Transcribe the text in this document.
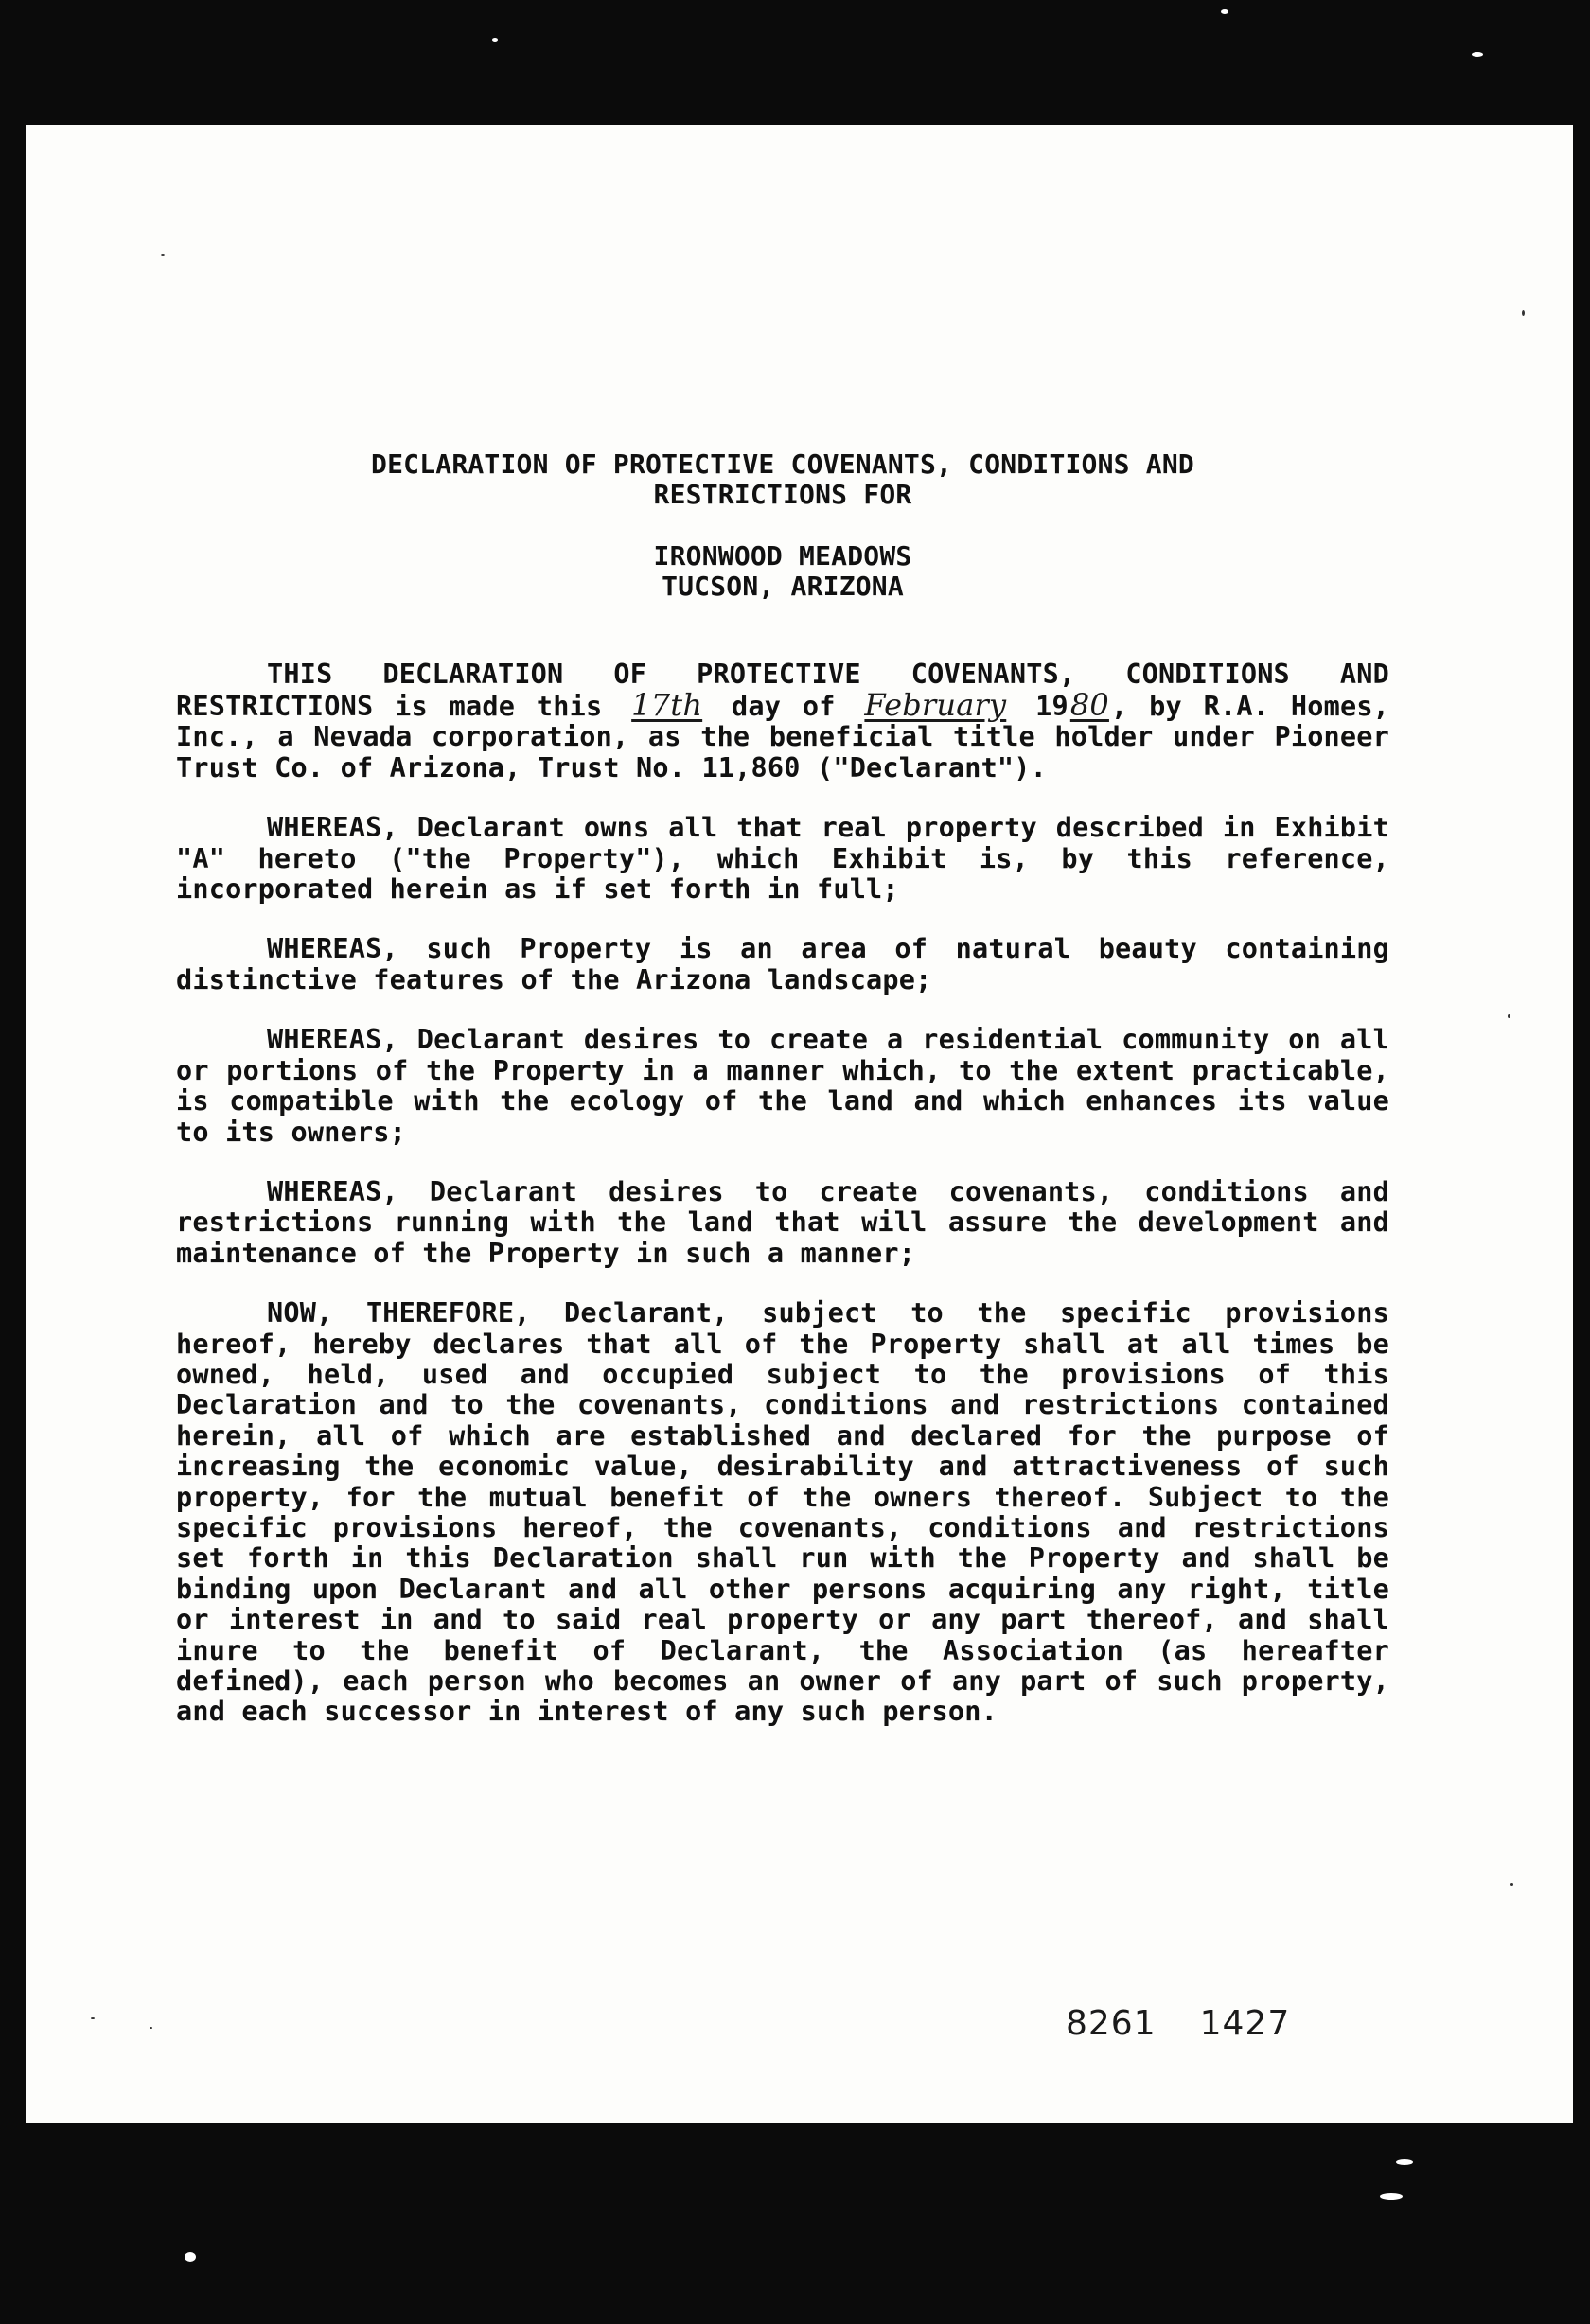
DECLARATION OF PROTECTIVE COVENANTS, CONDITIONS AND

RESTRICTIONS FOR

IRONWOOD MEADOWS

TUCSON, ARIZONA

THIS DECLARATION OF PROTECTIVE COVENANTS, CONDITIONS AND RESTRICTIONS is made this 17th day of February 1980, by R.A. Homes, Inc., a Nevada corporation, as the beneficial title holder under Pioneer Trust Co. of Arizona, Trust No. 11,860 ("Declarant").

WHEREAS, Declarant owns all that real property described in Exhibit "A" hereto ("the Property"), which Exhibit is, by this reference, incorporated herein as if set forth in full;

WHEREAS, such Property is an area of natural beauty containing distinctive features of the Arizona landscape;

WHEREAS, Declarant desires to create a residential community on all or portions of the Property in a manner which, to the extent practicable, is compatible with the ecology of the land and which enhances its value to its owners;

WHEREAS, Declarant desires to create covenants, conditions and restrictions running with the land that will assure the development and maintenance of the Property in such a manner;

NOW, THEREFORE, Declarant, subject to the specific provisions hereof, hereby declares that all of the Property shall at all times be owned, held, used and occupied subject to the provisions of this Declaration and to the covenants, conditions and restrictions contained herein, all of which are established and declared for the purpose of increasing the economic value, desirability and attractiveness of such property, for the mutual benefit of the owners thereof. Subject to the specific provisions hereof, the covenants, conditions and restrictions set forth in this Declaration shall run with the Property and shall be binding upon Declarant and all other persons acquiring any right, title or interest in and to said real property or any part thereof, and shall inure to the benefit of Declarant, the Association (as hereafter defined), each person who becomes an owner of any part of such property, and each successor in interest of any such person.

8261 1427
